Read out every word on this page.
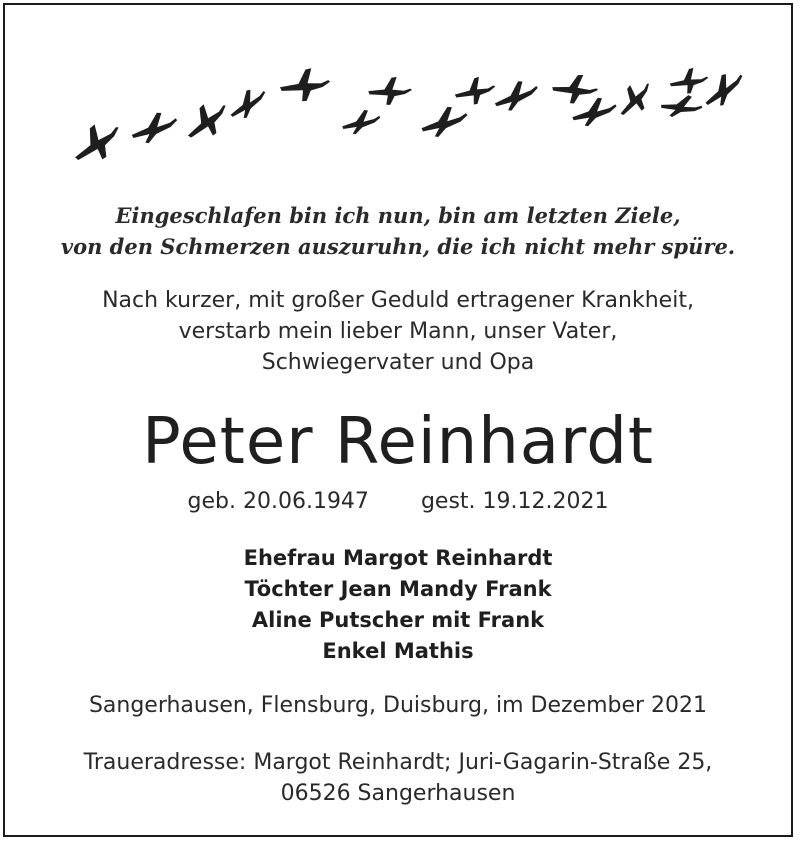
Eingeschlafen bin ich nun, bin am letzten Ziele,
von den Schmerzen auszuruhn, die ich nicht mehr spüre.
Nach kurzer, mit großer Geduld ertragener Krankheit,
verstarb mein lieber Mann, unser Vater,
Schwiegervater und Opa
Peter Reinhardt
geb. 20.06.1947 gest. 19.12.2021
Ehefrau Margot Reinhardt
Töchter Jean Mandy Frank
Aline Putscher mit Frank
Enkel Mathis
Sangerhausen, Flensburg, Duisburg, im Dezember 2021
Traueradresse: Margot Reinhardt; Juri-Gagarin-Straße 25,
06526 Sangerhausen
